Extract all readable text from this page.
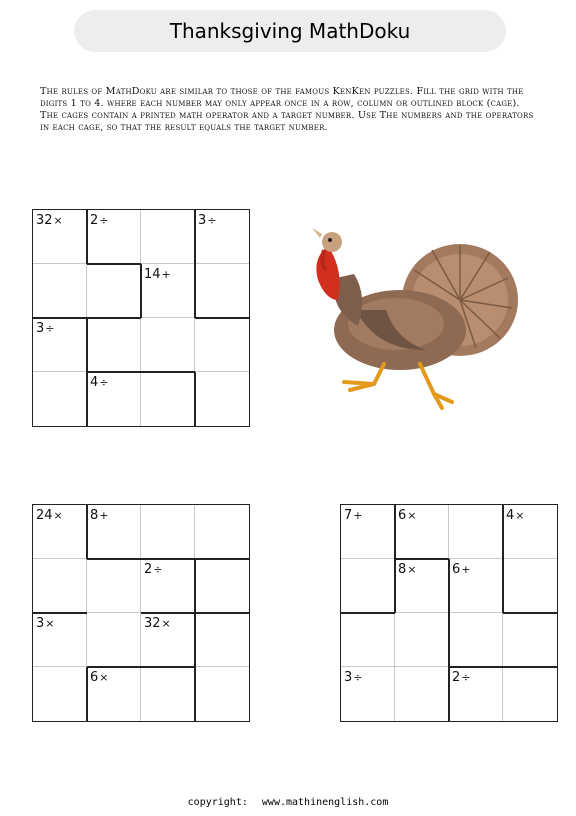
Thanksgiving MathDoku

The rules of MathDoku are similar to those of the famous KenKen puzzles. Fill the grid with the digits 1 to 4. where each number may only appear once in a row, column or outlined block (cage). The cages contain a printed math operator and a target number. Use The numbers and the operators in each cage, so that the result equals the target number.

32× 2÷	3÷
14+
3÷
4÷
24× 8+
2÷
3×	32×
6×
7+	6×	4×
8×	6+
3÷	2÷
copyright: www.mathinenglish.com
